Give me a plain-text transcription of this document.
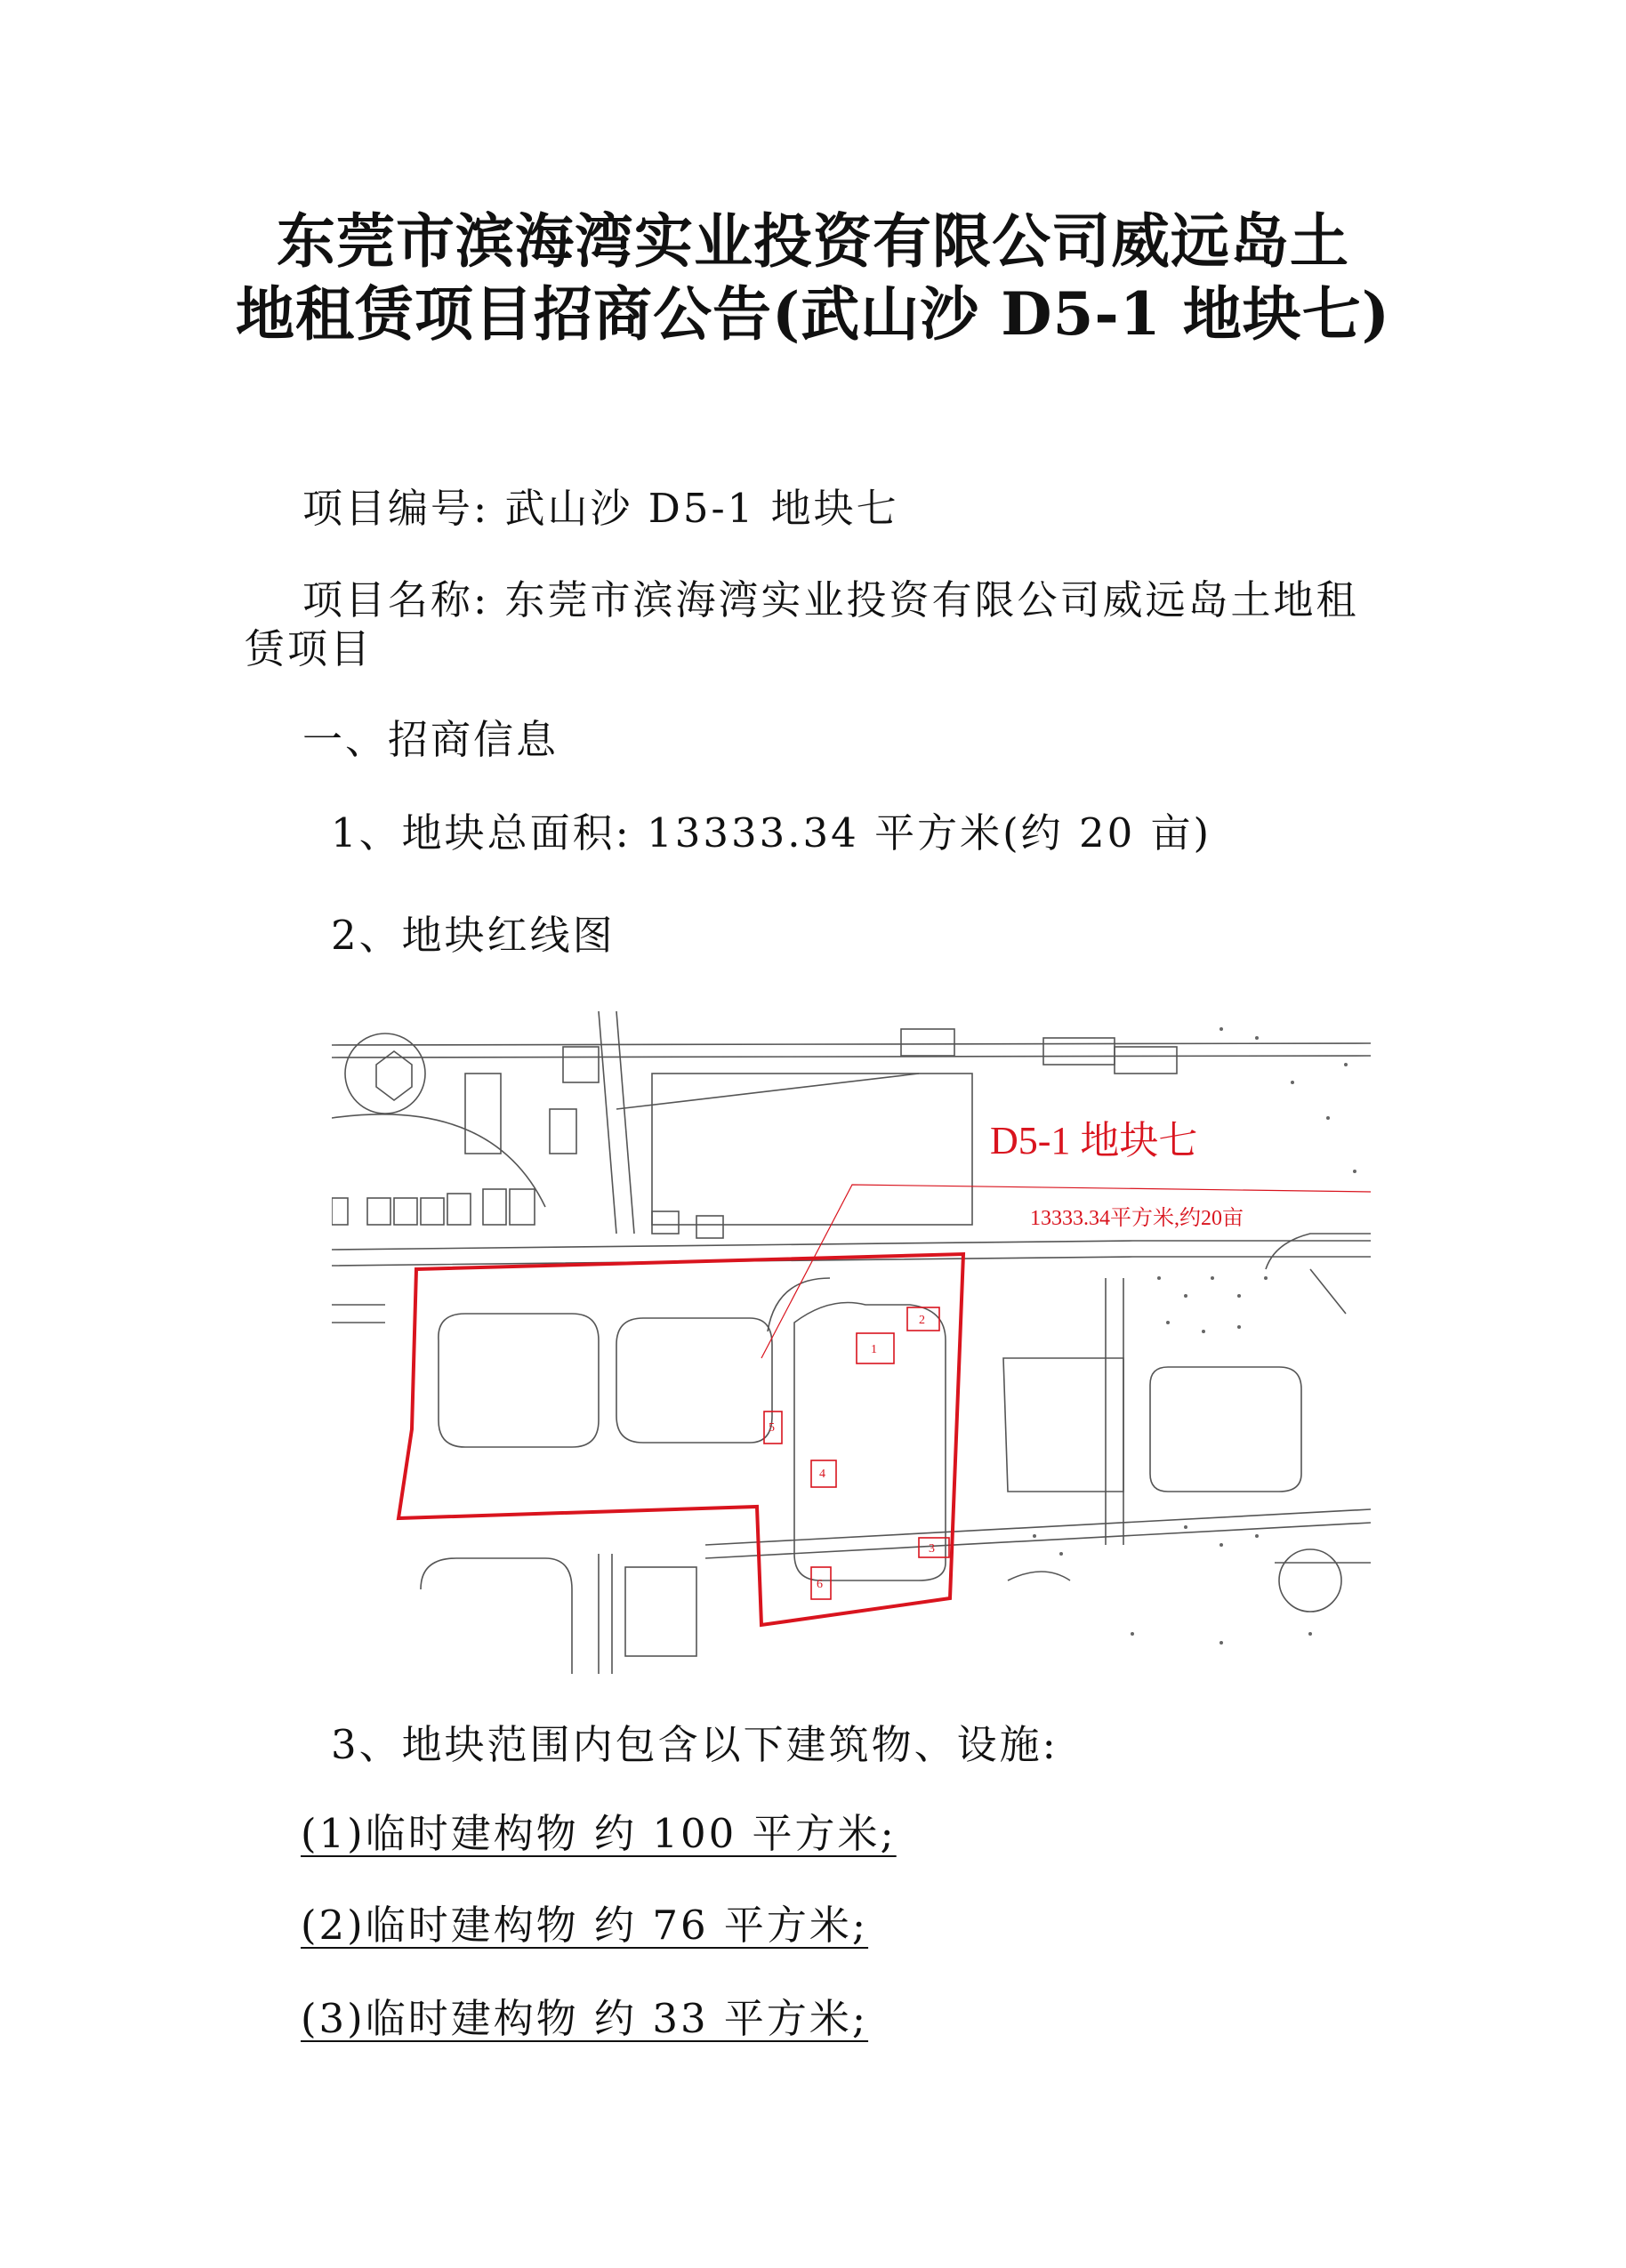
东莞市滨海湾实业投资有限公司威远岛土
地租赁项目招商公告(武山沙 D5-1 地块七)
项目编号: 武山沙 D5-1 地块七
项目名称: 东莞市滨海湾实业投资有限公司威远岛土地租
赁项目
一、招商信息
1、地块总面积: 13333.34 平方米(约 20 亩)
2、地块红线图
1
2
3
4
5
6
D5-1 地块七
13333.34平方米,约20亩
3、地块范围内包含以下建筑物、设施:
(1)临时建构物 约 100 平方米;
(2)临时建构物 约 76 平方米;
(3)临时建构物 约 33 平方米;
